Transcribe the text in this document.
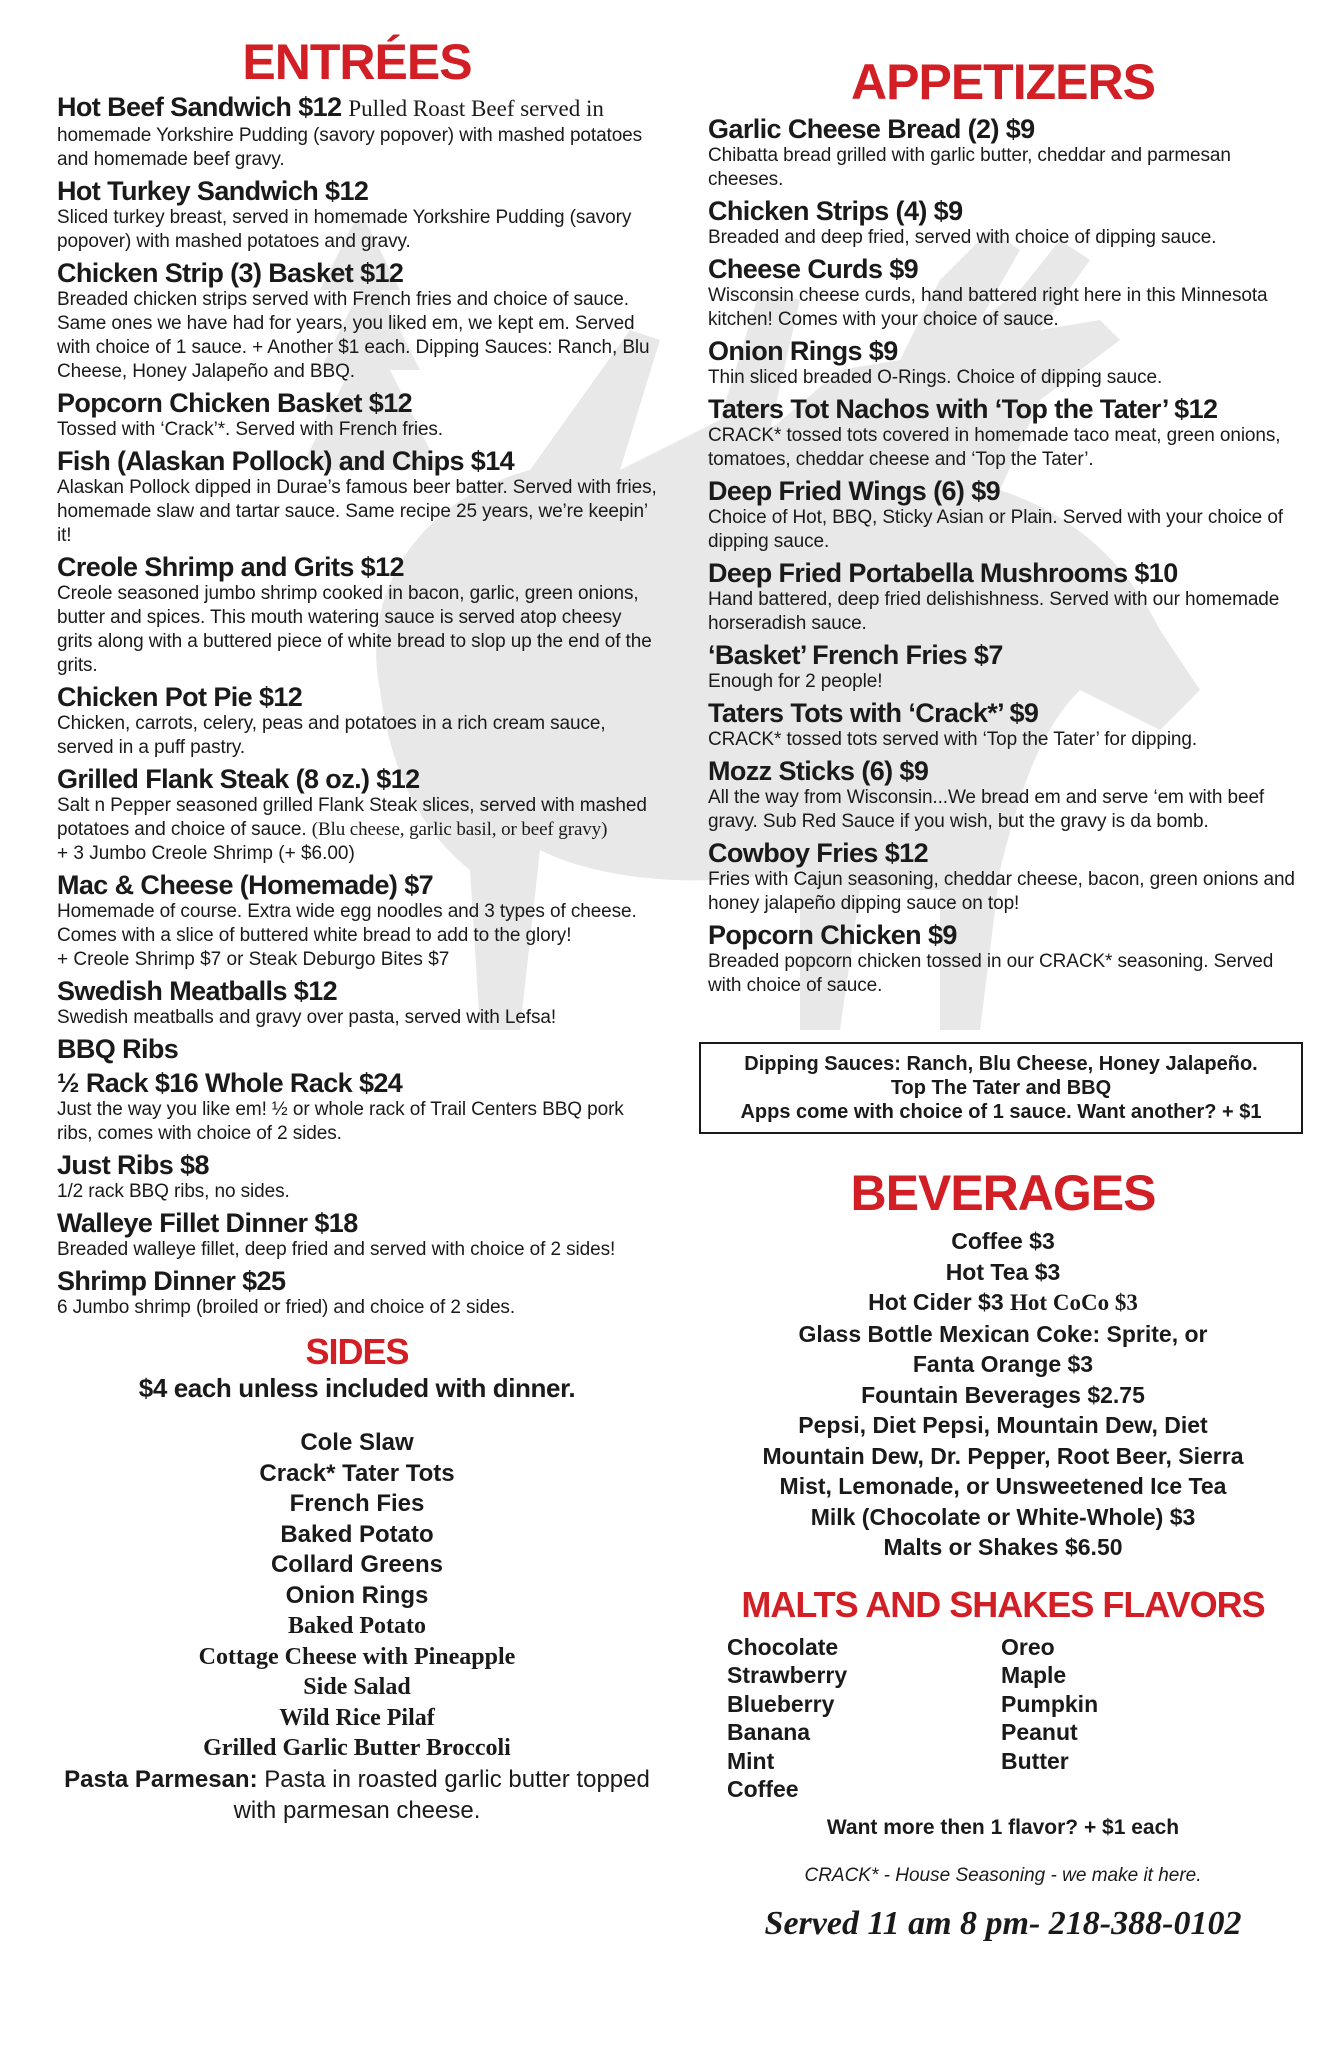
ENTRÉES
Hot Beef Sandwich $12 Pulled Roast Beef served in
homemade Yorkshire Pudding (savory popover) with mashed potatoes and homemade beef gravy.
Hot Turkey Sandwich $12
Sliced turkey breast, served in homemade Yorkshire Pudding (savory popover) with mashed potatoes and gravy.
Chicken Strip (3) Basket $12
Breaded chicken strips served with French fries and choice of sauce. Same ones we have had for years, you liked em, we kept em. Served with choice of 1 sauce. + Another $1 each. Dipping Sauces: Ranch, Blu Cheese, Honey Jalapeño and BBQ.
Popcorn Chicken Basket $12
Tossed with ‘Crack’*. Served with French fries.
Fish (Alaskan Pollock) and Chips $14
Alaskan Pollock dipped in Durae’s famous beer batter. Served with fries, homemade slaw and tartar sauce. Same recipe 25 years, we’re keepin’ it!
Creole Shrimp and Grits $12
Creole seasoned jumbo shrimp cooked in bacon, garlic, green onions, butter and spices. This mouth watering sauce is served atop cheesy grits along with a buttered piece of white bread to slop up the end of the grits.
Chicken Pot Pie $12
Chicken, carrots, celery, peas and potatoes in a rich cream sauce, served in a puff pastry.
Grilled Flank Steak (8 oz.) $12
Salt n Pepper seasoned grilled Flank Steak slices, served with mashed potatoes and choice of sauce. (Blu cheese, garlic basil, or beef gravy)
+ 3 Jumbo Creole Shrimp (+ $6.00)
Mac & Cheese (Homemade) $7
Homemade of course. Extra wide egg noodles and 3 types of cheese. Comes with a slice of buttered white bread to add to the glory!
+ Creole Shrimp $7 or Steak Deburgo Bites $7
Swedish Meatballs $12
Swedish meatballs and gravy over pasta, served with Lefsa!
BBQ Ribs
½ Rack $16 Whole Rack $24
Just the way you like em! ½ or whole rack of Trail Centers BBQ pork ribs, comes with choice of 2 sides.
Just Ribs $8
1/2 rack BBQ ribs, no sides.
Walleye Fillet Dinner $18
Breaded walleye fillet, deep fried and served with choice of 2 sides!
Shrimp Dinner $25
6 Jumbo shrimp (broiled or fried) and choice of 2 sides.
SIDES
$4 each unless included with dinner.
Cole Slaw
Crack* Tater Tots
French Fies
Baked Potato
Collard Greens
Onion Rings
Baked Potato
Cottage Cheese with Pineapple
Side Salad
Wild Rice Pilaf
Grilled Garlic Butter Broccoli
Pasta Parmesan: Pasta in roasted garlic butter topped with parmesan cheese.
APPETIZERS
Garlic Cheese Bread (2) $9
Chibatta bread grilled with garlic butter, cheddar and parmesan cheeses.
Chicken Strips (4) $9
Breaded and deep fried, served with choice of dipping sauce.
Cheese Curds $9
Wisconsin cheese curds, hand battered right here in this Minnesota kitchen! Comes with your choice of sauce.
Onion Rings $9
Thin sliced breaded O-Rings. Choice of dipping sauce.
Taters Tot Nachos with ‘Top the Tater’ $12
CRACK* tossed tots covered in homemade taco meat, green onions, tomatoes, cheddar cheese and ‘Top the Tater’.
Deep Fried Wings (6) $9
Choice of Hot, BBQ, Sticky Asian or Plain. Served with your choice of dipping sauce.
Deep Fried Portabella Mushrooms $10
Hand battered, deep fried delishishness. Served with our homemade horseradish sauce.
‘Basket’ French Fries $7
Enough for 2 people!
Taters Tots with ‘Crack*’ $9
CRACK* tossed tots served with ‘Top the Tater’ for dipping.
Mozz Sticks (6) $9
All the way from Wisconsin...We bread em and serve ‘em with beef gravy. Sub Red Sauce if you wish, but the gravy is da bomb.
Cowboy Fries $12
Fries with Cajun seasoning, cheddar cheese, bacon, green onions and honey jalapeño dipping sauce on top!
Popcorn Chicken $9
Breaded popcorn chicken tossed in our CRACK* seasoning. Served with choice of sauce.
Dipping Sauces: Ranch, Blu Cheese, Honey Jalapeño.
Top The Tater and BBQ
Apps come with choice of 1 sauce. Want another? + $1
BEVERAGES
Coffee $3
Hot Tea $3
Hot Cider $3 Hot CoCo $3
Glass Bottle Mexican Coke: Sprite, or
Fanta Orange $3
Fountain Beverages $2.75
Pepsi, Diet Pepsi, Mountain Dew, Diet
Mountain Dew, Dr. Pepper, Root Beer, Sierra
Mist, Lemonade, or Unsweetened Ice Tea
Milk (Chocolate or White-Whole) $3
Malts or Shakes $6.50
MALTS AND SHAKES FLAVORS
Chocolate
Strawberry
Blueberry
Banana
Mint
Coffee
Oreo
Maple
Pumpkin
Peanut
Butter
Want more then 1 flavor? + $1 each
CRACK* - House Seasoning - we make it here.
Served 11 am 8 pm- 218-388-0102
